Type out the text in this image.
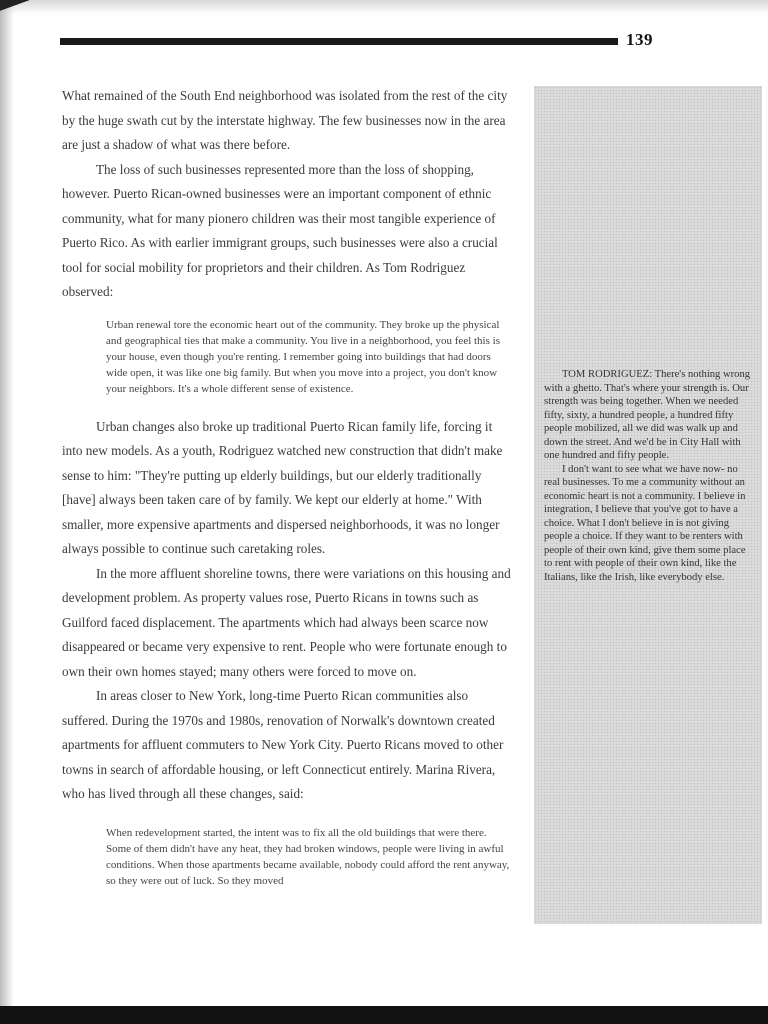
139

What remained of the South End neighborhood was isolated from the rest of the city by the huge swath cut by the interstate highway. The few businesses now in the area are just a shadow of what was there before.

The loss of such businesses represented more than the loss of shopping, however. Puerto Rican-owned businesses were an important component of ethnic community, what for many pionero children was their most tangible experience of Puerto Rico. As with earlier immigrant groups, such businesses were also a crucial tool for social mobility for proprietors and their children. As Tom Rodriguez observed:

Urban renewal tore the economic heart out of the community. They broke up the physical and geographical ties that make a community. You live in a neighborhood, you feel this is your house, even though you're renting. I remember going into buildings that had doors wide open, it was like one big family. But when you move into a project, you don't know your neighbors. It's a whole different sense of existence.

Urban changes also broke up traditional Puerto Rican family life, forcing it into new models. As a youth, Rodriguez watched new construction that didn't make sense to him: "They're putting up elderly buildings, but our elderly traditionally [have] always been taken care of by family. We kept our elderly at home." With smaller, more expensive apartments and dispersed neighborhoods, it was no longer always possible to continue such caretaking roles.

In the more affluent shoreline towns, there were variations on this housing and development problem. As property values rose, Puerto Ricans in towns such as Guilford faced displacement. The apartments which had always been scarce now disappeared or became very expensive to rent. People who were fortunate enough to own their own homes stayed; many others were forced to move on.

In areas closer to New York, long-time Puerto Rican communities also suffered. During the 1970s and 1980s, renovation of Norwalk's downtown created apartments for affluent commuters to New York City. Puerto Ricans moved to other towns in search of affordable housing, or left Connecticut entirely. Marina Rivera, who has lived through all these changes, said:

When redevelopment started, the intent was to fix all the old buildings that were there. Some of them didn't have any heat, they had broken windows, people were living in awful conditions. When those apartments became available, nobody could afford the rent anyway, so they were out of luck. So they moved

TOM RODRIGUEZ: There's nothing wrong with a ghetto. That's where your strength is. Our strength was being together. When we needed fifty, sixty, a hundred people, a hundred fifty people mobilized, all we did was walk up and down the street. And we'd be in City Hall with one hundred and fifty people.

I don't want to see what we have now- no real businesses. To me a community without an economic heart is not a community. I believe in integration, I believe that you've got to have a choice. What I don't believe in is not giving people a choice. If they want to be renters with people of their own kind, give them some place to rent with people of their own kind, like the Italians, like the Irish, like everybody else.
